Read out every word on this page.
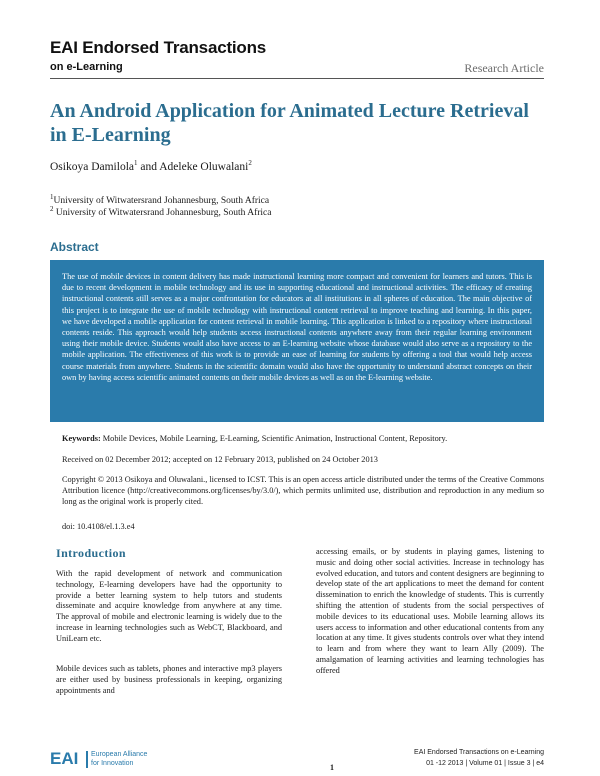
EAI Endorsed Transactions
on e-Learning	Research Article
An Android Application for Animated Lecture Retrieval in E-Learning
Osikoya Damilola$^1$ and Adeleke Oluwalani$^2$
$^1$University of Witwatersrand Johannesburg, South Africa
$^2$ University of Witwatersrand Johannesburg, South Africa
Abstract

The use of mobile devices in content delivery has made instructional learning more compact and convenient for learners and tutors. This is due to recent development in mobile technology and its use in supporting educational and instructional activities. The efficacy of creating instructional contents still serves as a major confrontation for educators at all institutions in all spheres of education. The main objective of this project is to integrate the use of mobile technology with instructional content retrieval to improve teaching and learning. In this paper, we have developed a mobile application for content retrieval in mobile learning. This application is linked to a repository where instructional contents reside. This approach would help students access instructional contents anywhere away from their regular learning environment using their mobile device. Students would also have access to an E-learning website whose database would also serve as a repository to the mobile application. The effectiveness of this work is to provide an ease of learning for students by offering a tool that would help access course materials from anywhere. Students in the scientific domain would also have the opportunity to understand abstract concepts on their own by having access scientific animated contents on their mobile devices as well as on the E-learning website.

Keywords: Mobile Devices, Mobile Learning, E-Learning, Scientific Animation, Instructional Content, Repository.
Received on 02 December 2012; accepted on 12 February 2013, published on 24 October 2013
Copyright © 2013 Osikoya and Oluwalani., licensed to ICST. This is an open access article distributed under the terms of the Creative Commons Attribution licence (http://creativecommons.org/licenses/by/3.0/), which permits unlimited use, distribution and reproduction in any medium so long as the original work is properly cited.
doi: 10.4108/el.1.3.e4
Introduction

With the rapid development of network and communication technology, E-learning developers have had the opportunity to provide a better learning system to help tutors and students disseminate and acquire knowledge from anywhere at any time. The approval of mobile and electronic learning is widely due to the increase in learning technologies such as WebCT, Blackboard, and UniLearn etc.

Mobile devices such as tablets, phones and interactive mp3 players are either used by business professionals in keeping, organizing appointments and

accessing emails, or by students in playing games, listening to music and doing other social activities. Increase in technology has evolved education, and tutors and content designers are beginning to develop state of the art applications to meet the demand for content dissemination to enrich the knowledge of students. This is currently shifting the attention of students from the social perspectives of mobile devices to its educational uses. Mobile learning allows its users access to information and other educational contents from any location at any time. It gives students controls over what they intend to learn and from where they want to learn Ally (2009). The amalgamation of learning activities and learning technologies has offered

EAI European Alliance
for Innovation	1
EAI Endorsed Transactions on e-Learning
01 -12 2013 | Volume 01 | Issue 3 | e4
